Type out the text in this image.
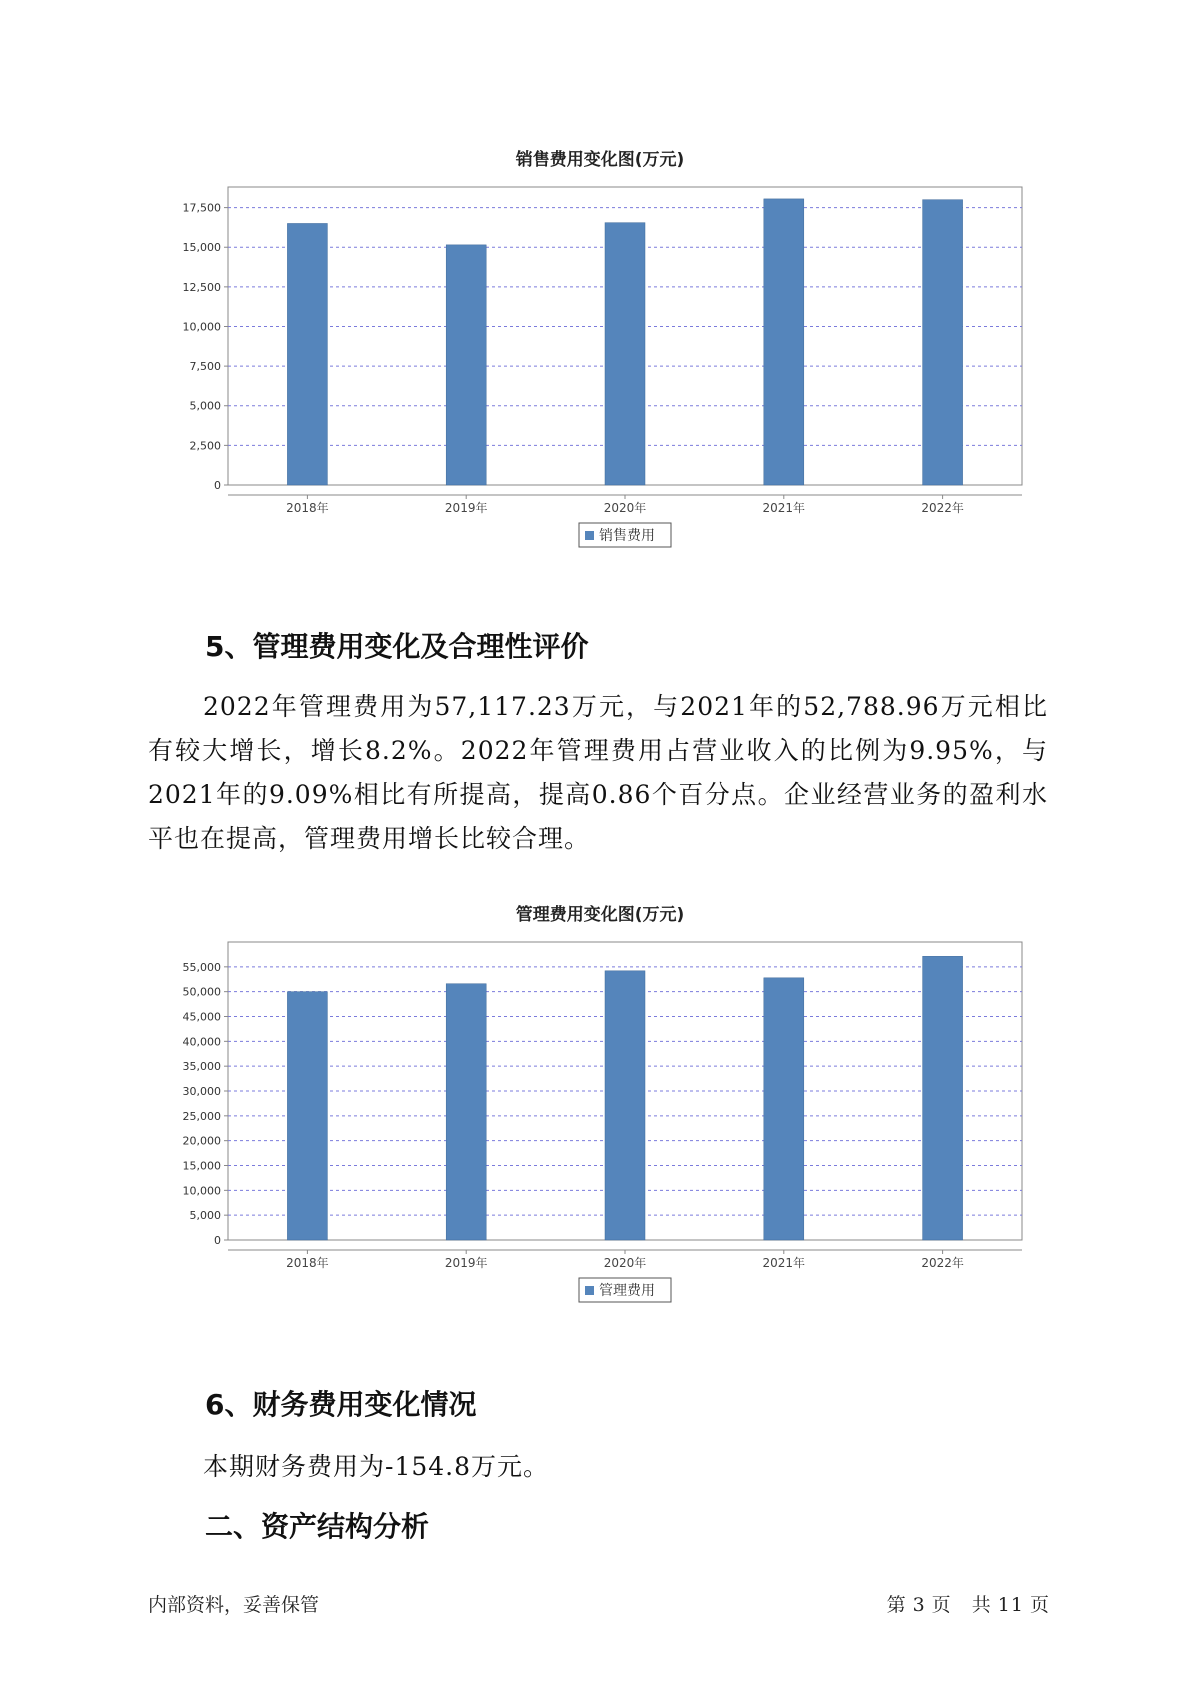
销售费用变化图(万元)
0
2,500
5,000
7,500
10,000
12,500
15,000
17,500
2018年	2019年	2020年	2021年	2022年
销售费用
5、管理费用变化及合理性评价
2022年管理费用为57,117.23万元，与2021年的52,788.96万元相比有较大增长，增长8.2%。2022年管理费用占营业收入的比例为9.95%，与2021年的9.09%相比有所提高，提高0.86个百分点。企业经营业务的盈利水平也在提高，管理费用增长比较合理。
管理费用变化图(万元)
0
5,000
10,000
15,000
20,000
25,000
30,000
35,000
40,000
45,000
50,000
55,000
2018年	2019年	2020年	2021年	2022年
管理费用
6、财务费用变化情况
本期财务费用为-154.8万元。
二、资产结构分析
内部资料，妥善保管	第 3 页 共 11 页
